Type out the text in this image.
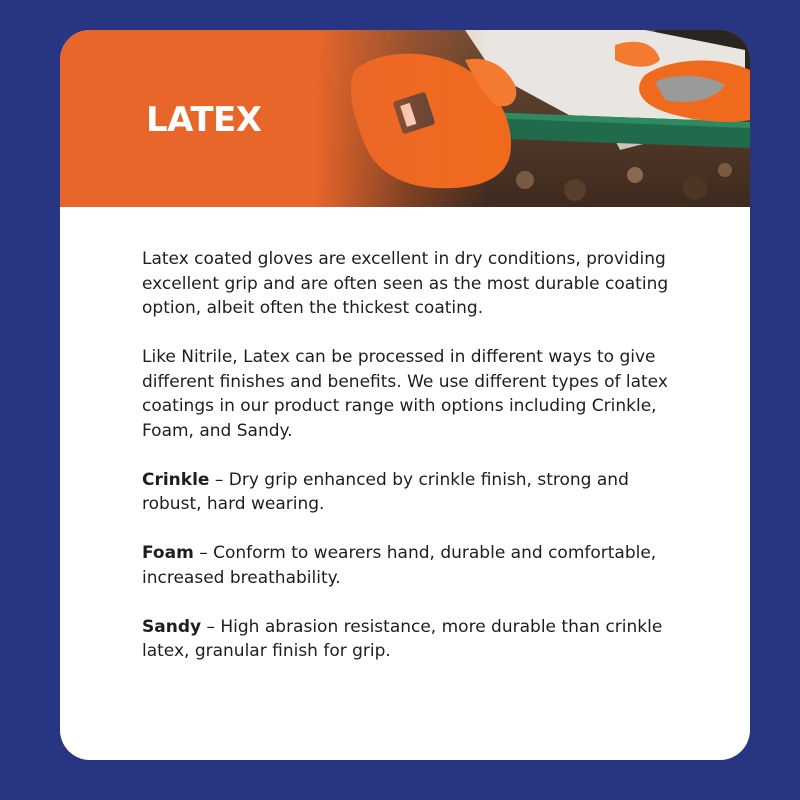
LATEX

Latex coated gloves are excellent in dry conditions, providing excellent grip and are often seen as the most durable coating option, albeit often the thickest coating.

Like Nitrile, Latex can be processed in different ways to give different finishes and benefits. We use different types of latex coatings in our product range with options including Crinkle, Foam, and Sandy.

Crinkle – Dry grip enhanced by crinkle finish, strong and robust, hard wearing.

Foam – Conform to wearers hand, durable and comfortable, increased breathability.

Sandy – High abrasion resistance, more durable than crinkle latex, granular finish for grip.
